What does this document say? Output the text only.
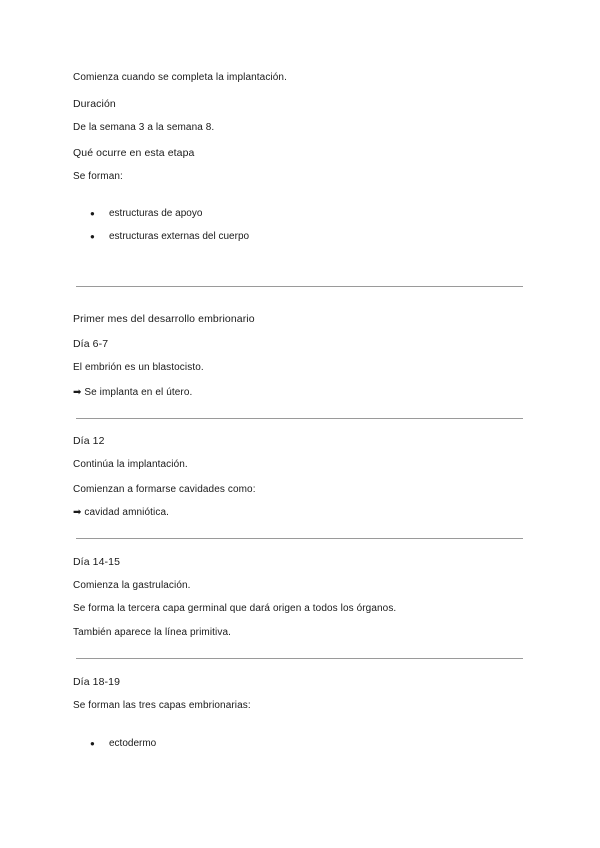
Comienza cuando se completa la implantación.
Duración
De la semana 3 a la semana 8.
Qué ocurre en esta etapa
Se forman:
● estructuras de apoyo
● estructuras externas del cuerpo
Primer mes del desarrollo embrionario
Día 6-7
El embrión es un blastocisto.
➡ Se implanta en el útero.
Día 12
Continúa la implantación.
Comienzan a formarse cavidades como:
➡ cavidad amniótica.
Día 14-15
Comienza la gastrulación.
Se forma la tercera capa germinal que dará origen a todos los órganos.
También aparece la línea primitiva.
Día 18-19
Se forman las tres capas embrionarias:
● ectodermo
